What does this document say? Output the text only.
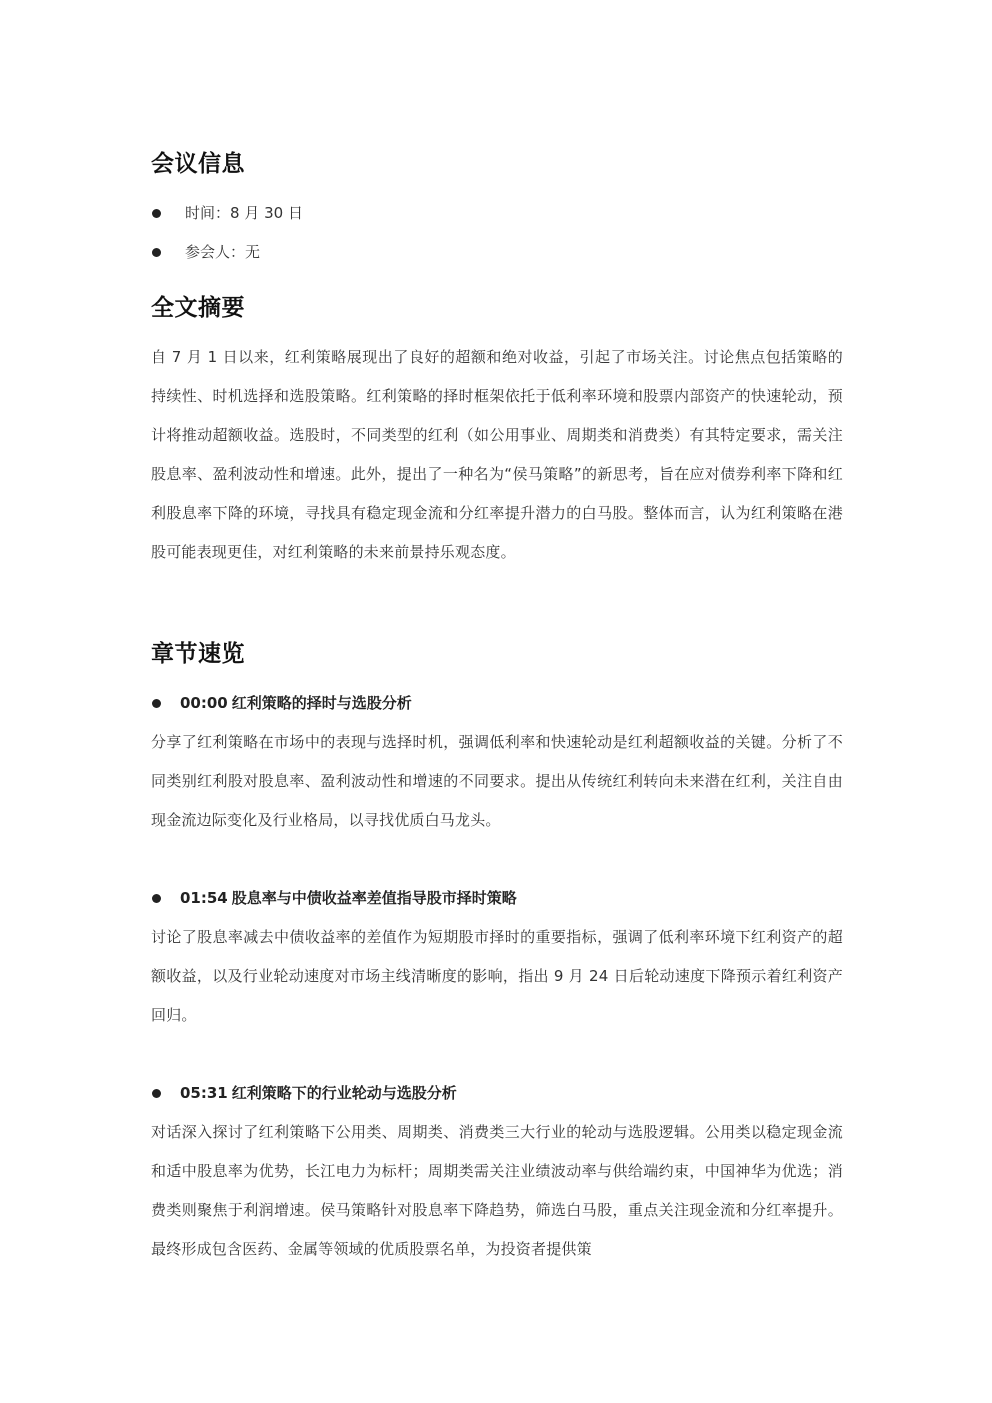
会议信息
时间：8 月 30 日
参会人：无
全文摘要

自 7 月 1 日以来，红利策略展现出了良好的超额和绝对收益，引起了市场关注。讨论焦点包括策略的持续性、时机选择和选股策略。红利策略的择时框架依托于低利率环境和股票内部资产的快速轮动，预计将推动超额收益。选股时，不同类型的红利（如公用事业、周期类和消费类）有其特定要求，需关注股息率、盈利波动性和增速。此外，提出了一种名为“侯马策略”的新思考，旨在应对债券利率下降和红利股息率下降的环境，寻找具有稳定现金流和分红率提升潜力的白马股。整体而言，认为红利策略在港股可能表现更佳，对红利策略的未来前景持乐观态度。

章节速览
00:00 红利策略的择时与选股分析

分享了红利策略在市场中的表现与选择时机，强调低利率和快速轮动是红利超额收益的关键。分析了不同类别红利股对股息率、盈利波动性和增速的不同要求。提出从传统红利转向未来潜在红利，关注自由现金流边际变化及行业格局，以寻找优质白马龙头。

01:54 股息率与中债收益率差值指导股市择时策略

讨论了股息率减去中债收益率的差值作为短期股市择时的重要指标，强调了低利率环境下红利资产的超额收益，以及行业轮动速度对市场主线清晰度的影响，指出 9 月 24 日后轮动速度下降预示着红利资产回归。

05:31 红利策略下的行业轮动与选股分析

对话深入探讨了红利策略下公用类、周期类、消费类三大行业的轮动与选股逻辑。公用类以稳定现金流和适中股息率为优势，长江电力为标杆；周期类需关注业绩波动率与供给端约束，中国神华为优选；消费类则聚焦于利润增速。侯马策略针对股息率下降趋势，筛选白马股，重点关注现金流和分红率提升。最终形成包含医药、金属等领域的优质股票名单，为投资者提供策
